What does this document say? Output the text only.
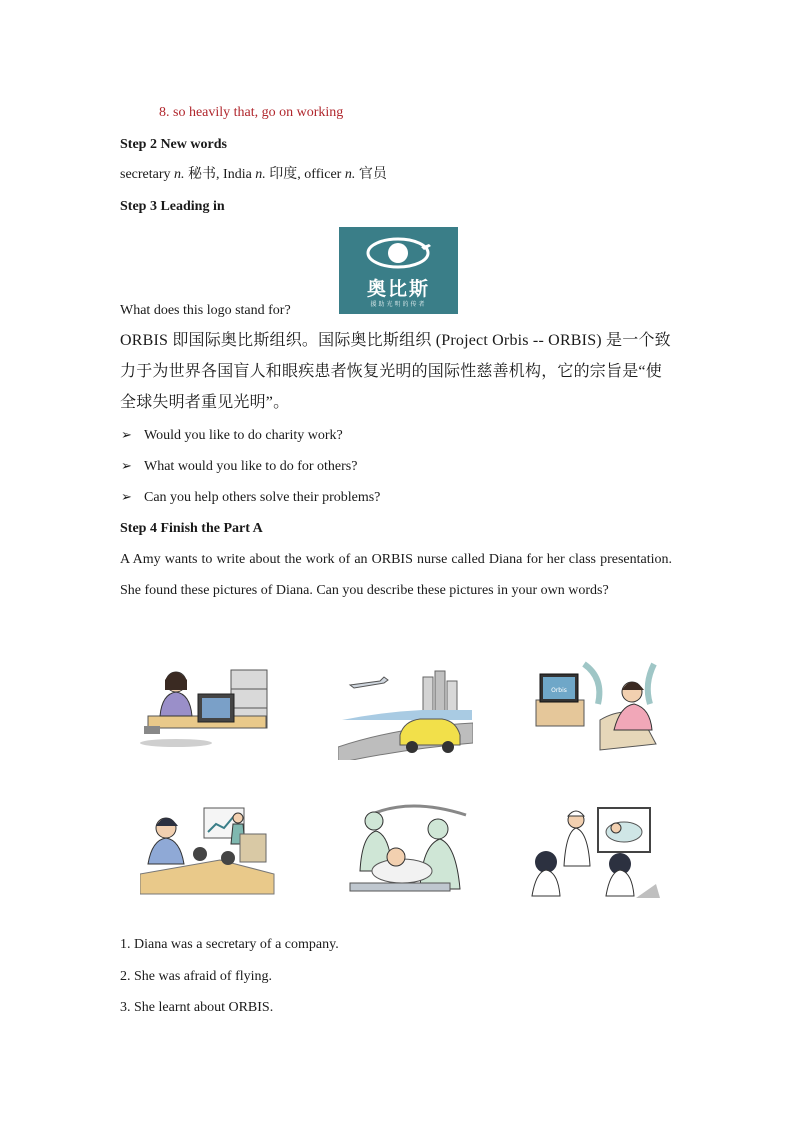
8. so heavily that, go on working
Step 2 New words
secretary n. 秘书, India n. 印度, officer n. 官员
Step 3 Leading in
奥比斯
援助光明的传者
What does this logo stand for?
ORBIS 即国际奥比斯组织。国际奥比斯组织 (Project Orbis -- ORBIS) 是一个致力于为世界各国盲人和眼疾患者恢复光明的国际性慈善机构，它的宗旨是“使全球失明者重见光明”。
➢ Would you like to do charity work?
➢ What would you like to do for others?
➢ Can you help others solve their problems?
Step 4 Finish the Part A
A Amy wants to write about the work of an ORBIS nurse called Diana for her class presentation. She found these pictures of Diana. Can you describe these pictures in your own words?
Orbis
1. Diana was a secretary of a company.
2. She was afraid of flying.
3. She learnt about ORBIS.
